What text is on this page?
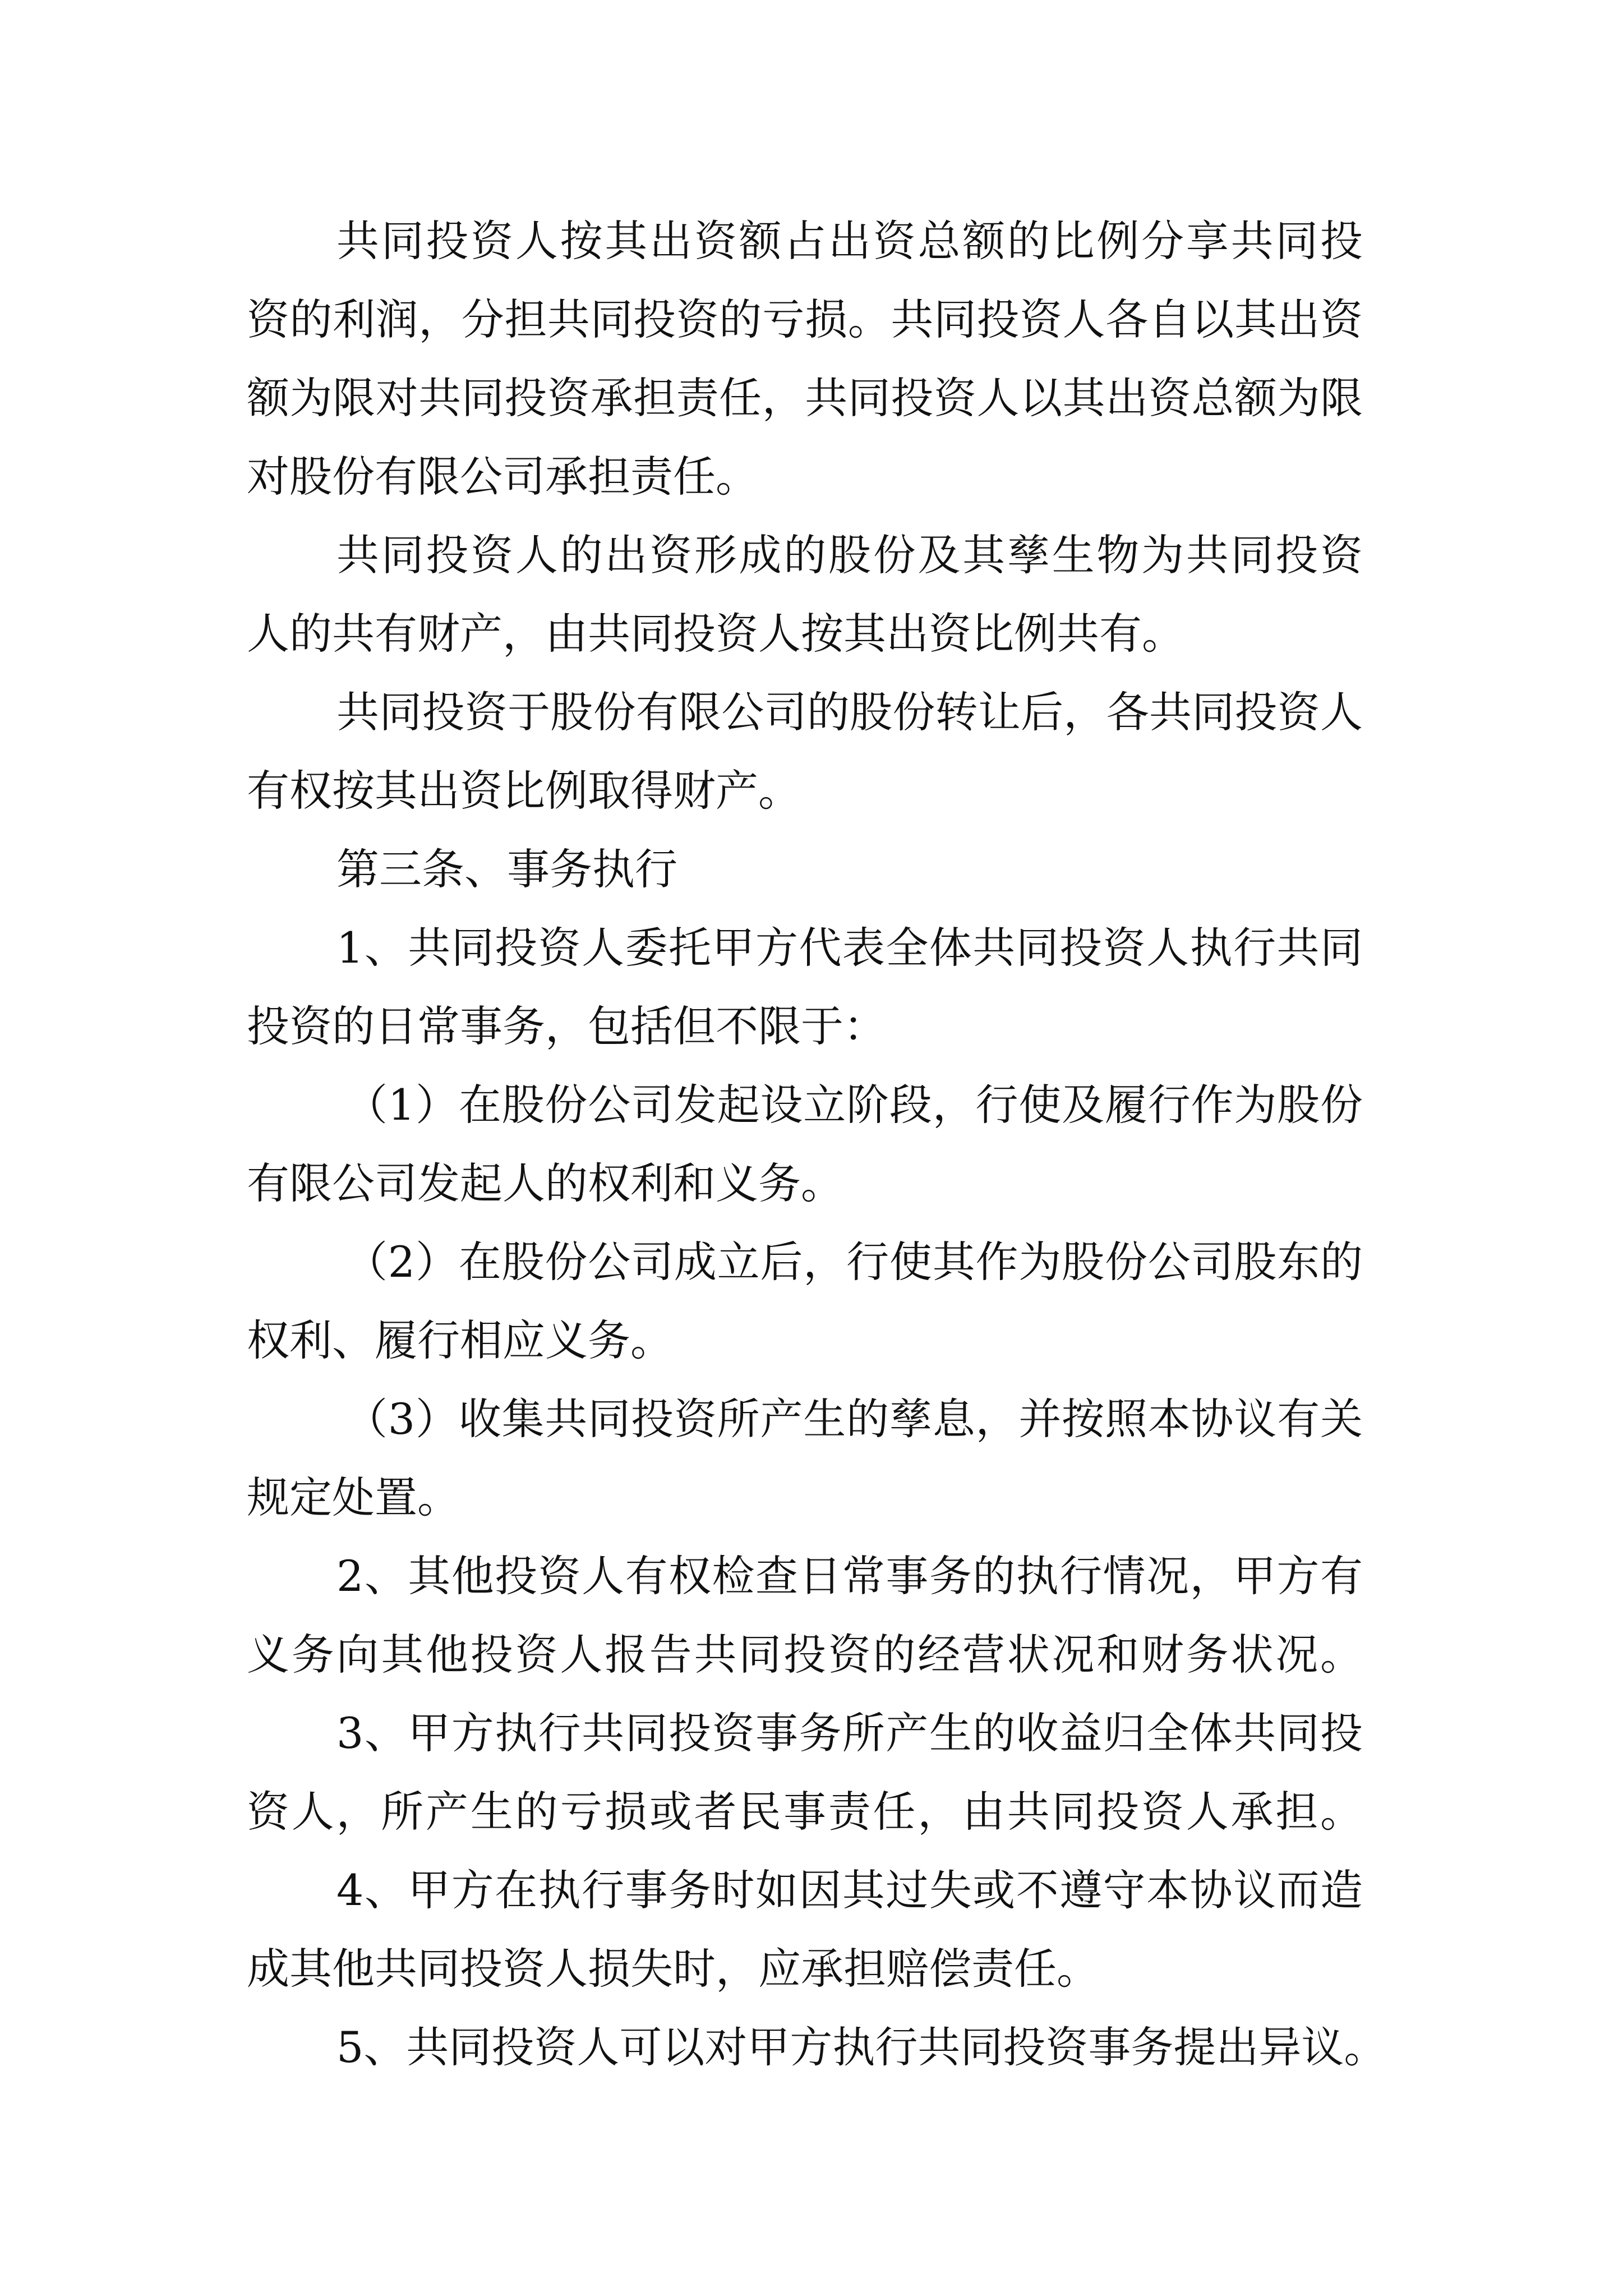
共同投资人按其出资额占出资总额的比例分享共同投
资的利润，分担共同投资的亏损。共同投资人各自以其出资
额为限对共同投资承担责任，共同投资人以其出资总额为限
对股份有限公司承担责任。
共同投资人的出资形成的股份及其孳生物为共同投资
人的共有财产，由共同投资人按其出资比例共有。
共同投资于股份有限公司的股份转让后，各共同投资人
有权按其出资比例取得财产。
第三条、事务执行
1、共同投资人委托甲方代表全体共同投资人执行共同
投资的日常事务，包括但不限于：
（1）在股份公司发起设立阶段，行使及履行作为股份
有限公司发起人的权利和义务。
（2）在股份公司成立后，行使其作为股份公司股东的
权利、履行相应义务。
（3）收集共同投资所产生的孳息，并按照本协议有关
规定处置。
2、其他投资人有权检查日常事务的执行情况，甲方有
义务向其他投资人报告共同投资的经营状况和财务状况。
3、甲方执行共同投资事务所产生的收益归全体共同投
资人，所产生的亏损或者民事责任，由共同投资人承担。
4、甲方在执行事务时如因其过失或不遵守本协议而造
成其他共同投资人损失时，应承担赔偿责任。
5、共同投资人可以对甲方执行共同投资事务提出异议。
